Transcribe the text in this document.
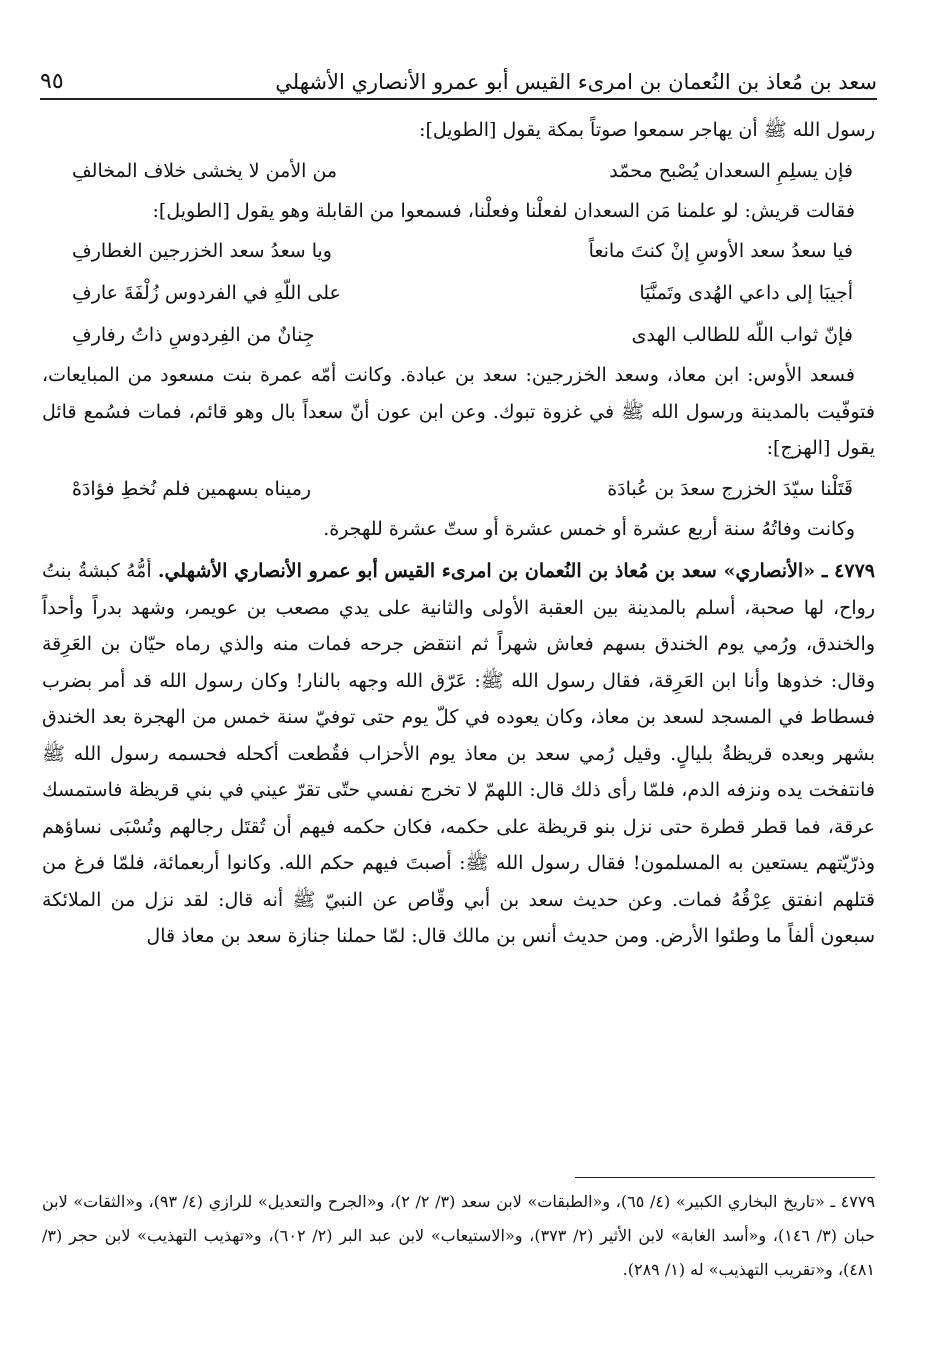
سعد بن مُعاذ بن النُعمان بن امرىء القيس أبو عمرو الأنصاري الأشهلي
٩٥

رسول الله ﷺ أن يهاجر سمعوا صوتاً بمكة يقول [الطويل]:

فإن يسلِمِ السعدان يُصْبح محمّد
من الأمن لا يخشى خلاف المخالفِ

فقالت قريش: لو علمنا مَن السعدان لفعلْنا وفعلْنا، فسمعوا من القابلة وهو يقول [الطويل]:

فيا سعدُ سعد الأوسِ إنْ كنتَ مانعاً
ويا سعدُ سعد الخزرجين الغطارفِ
أجيبَا إلى داعي الهُدى وتَمنَّيَا
على اللّهِ في الفردوس زُلْفَةَ عارفِ
فإنّ ثواب اللّه للطالب الهدى
جِنانٌ من الفِردوسِ ذاتُ رفارفِ

فسعد الأوس: ابن معاذ، وسعد الخزرجين: سعد بن عبادة. وكانت أمّه عمرة بنت مسعود من المبايعات، فتوفّيت بالمدينة ورسول الله ﷺ في غزوة تبوك. وعن ابن عون أنّ سعداً بال وهو قائم، فمات فسُمع قائل يقول [الهزج]:

قَتَلْنا سيّدَ الخزرج سعدَ بن عُبادَة
رميناه بسهمين فلم نُخطِ فؤادَهْ

وكانت وفاتُهُ سنة أربع عشرة أو خمس عشرة أو ستّ عشرة للهجرة.

٤٧٧٩ ـ «الأنصاري» سعد بن مُعاذ بن النُعمان بن امرىء القيس أبو عمرو الأنصاري الأشهلي. أمُّهُ كبشةُ بنتُ رواح، لها صحبة، أسلم بالمدينة بين العقبة الأولى والثانية على يدي مصعب بن عويمر، وشهد بدراً وأحداً والخندق، ورُمي يوم الخندق بسهم فعاش شهراً ثم انتقض جرحه فمات منه والذي رماه حيّان بن العَرِقة وقال: خذوها وأنا ابن العَرِقة، فقال رسول الله ﷺ: عَرّق الله وجهه بالنار! وكان رسول الله قد أمر بضرب فسطاط في المسجد لسعد بن معاذ، وكان يعوده في كلّ يوم حتى توفيّ سنة خمس من الهجرة بعد الخندق بشهر وبعده قريظةُ بليالٍ. وقيل رُمي سعد بن معاذ يوم الأحزاب فقُطعت أكحله فحسمه رسول الله ﷺ فانتفخت يده ونزفه الدم، فلمّا رأى ذلك قال: اللهمّ لا تخرج نفسي حتّى تقرّ عيني في بني قريظة فاستمسك عرقة، فما قطر قطرة حتى نزل بنو قريظة على حكمه، فكان حكمه فيهم أن تُقتَل رجالهم وتُسْبَى نساؤهم وذرّيّتهم يستعين به المسلمون! فقال رسول الله ﷺ: أصبتَ فيهم حكم الله. وكانوا أربعمائة، فلمّا فرغ من قتلهم انفتق عِرْقُهُ فمات. وعن حديث سعد بن أبي وقّاص عن النبيّ ﷺ أنه قال: لقد نزل من الملائكة سبعون ألفاً ما وطئوا الأرض. ومن حديث أنس بن مالك قال: لمّا حملنا جنازة سعد بن معاذ قال

٤٧٧٩ ـ «تاريخ البخاري الكبير» (٤/ ٦٥)، و«الطبقات» لابن سعد (٣/ ٢/ ٢)، و«الجرح والتعديل» للرازي (٤/ ٩٣)، و«الثقات» لابن حبان (٣/ ١٤٦)، و«أسد الغابة» لابن الأثير (٢/ ٣٧٣)، و«الاستيعاب» لابن عبد البر (٢/ ٦٠٢)، و«تهذيب التهذيب» لابن حجر (٣/ ٤٨١)، و«تقريب التهذيب» له (١/ ٢٨٩).
